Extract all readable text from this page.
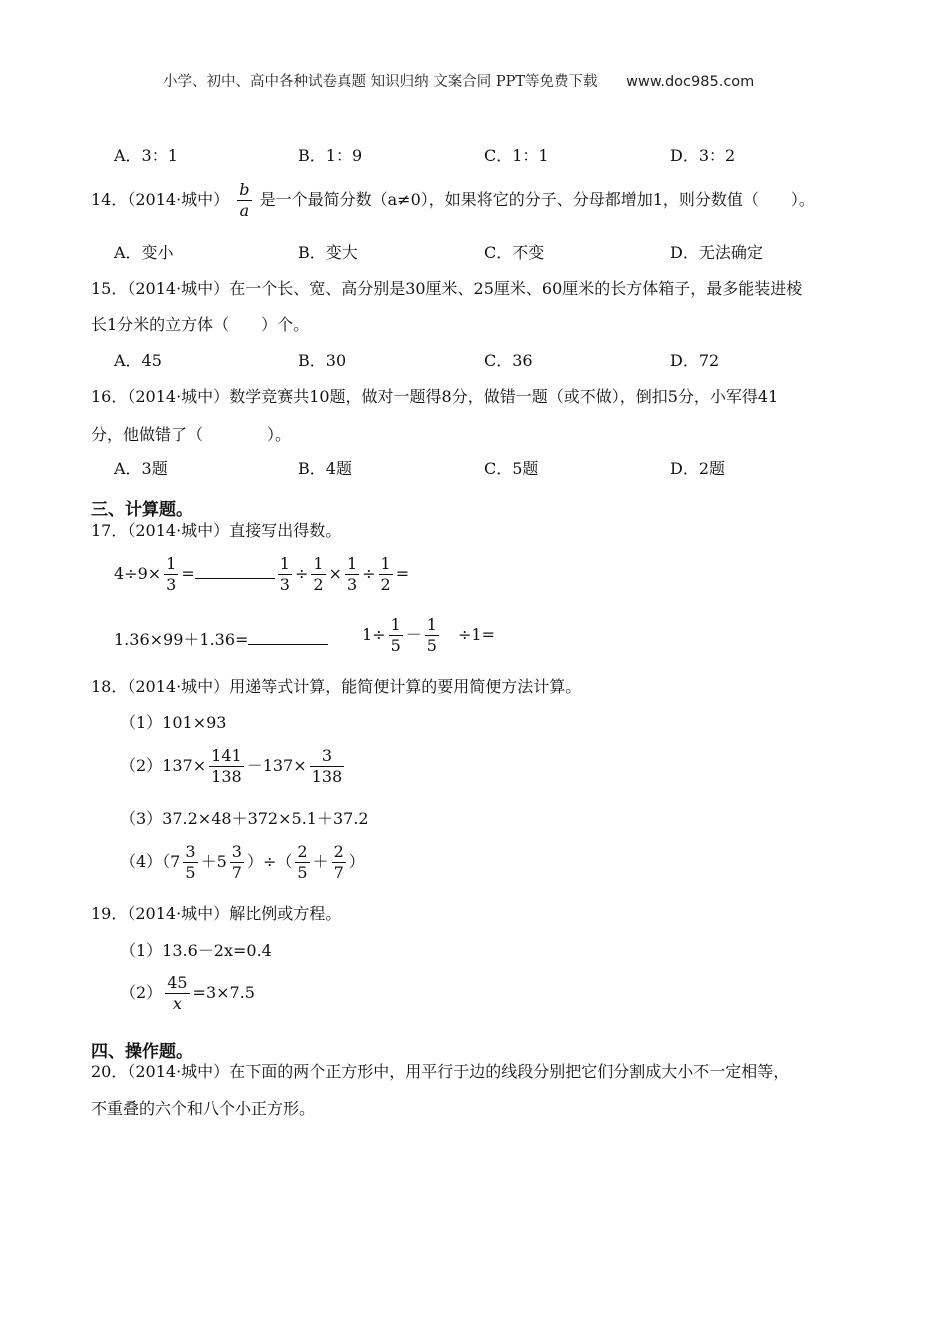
小学、初中、高中各种试卷真题 知识归纳 文案合同 PPT等免费下载 www.doc985.com
A．3：1	B．1：9	C．1：1	D．3：2
14．（2014·城中） $\frac{b}{a}$ 是一个最简分数（a≠0），如果将它的分子、分母都增加1，则分数值（　　）。
A．变小	B．变大	C．不变	D．无法确定
15．（2014·城中）在一个长、宽、高分别是30厘米、25厘米、60厘米的长方体箱子，最多能装进棱
长1分米的立方体（　　）个。
A．45	B．30	C．36	D．72
16．（2014·城中）数学竞赛共10题，做对一题得8分，做错一题（或不做），倒扣5分，小军得41
分，他做错了（　　　　）。
A．3题	B．4题	C．5题	D．2题
三、计算题。
17．（2014·城中）直接写出得数。
$4\div 9\times \frac{1}{3}$ =	$\frac{1}{3} \div \frac{1}{2} \times \frac{1}{3} \div \frac{1}{2}$ =
1.36×99＋1.36=	$1\div \frac{1}{5} - \frac{1}{5} \div 1=$
18．（2014·城中）用递等式计算，能简便计算的要用简便方法计算。
（1）101×93
$(2)137\times \frac{141}{138} -137\times \frac{3}{138}$
（3）37.2×48＋372×5.1＋37.2
$(4)(7 \frac{3}{5} +5 \frac{3}{7}$ ）÷（ $\frac{2}{5} + \frac{2}{7}$ ）
19．（2014·城中）解比例或方程。
（1）13.6－2x=0.4
$(2) \frac{45}{x} =3\times 7.5$
四、操作题。
20．（2014·城中）在下面的两个正方形中，用平行于边的线段分别把它们分割成大小不一定相等，
不重叠的六个和八个小正方形。
